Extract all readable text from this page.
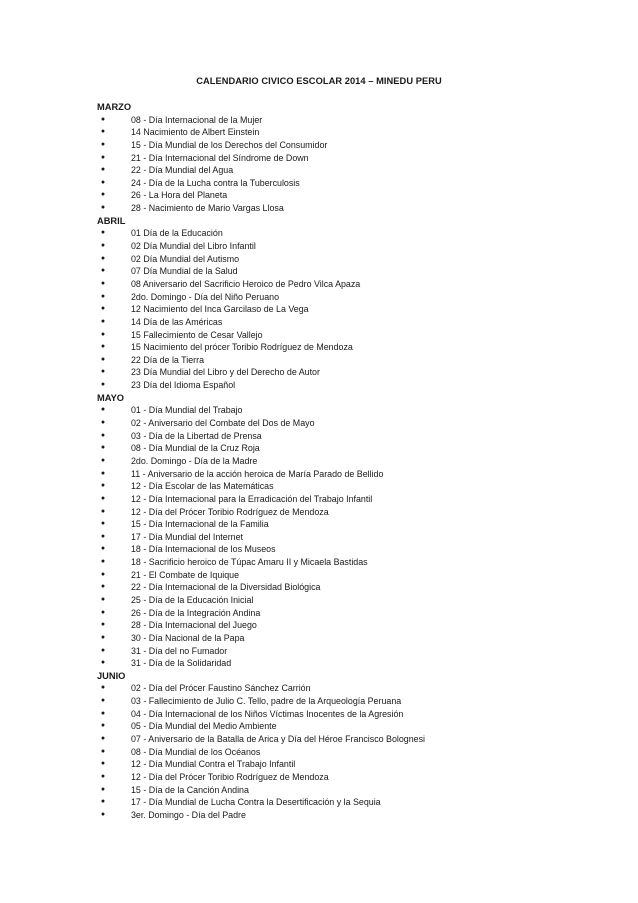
CALENDARIO CIVICO ESCOLAR 2014 – MINEDU PERU
MARZO
●	08 - Día Internacional de la Mujer
●	14 Nacimiento de Albert Einstein
●	15 - Día Mundial de los Derechos del Consumidor
●	21 - Día Internacional del Síndrome de Down
●	22 - Día Mundial del Agua
●	24 - Día de la Lucha contra la Tuberculosis
●	26 - La Hora del Planeta
●	28 - Nacimiento de Mario Vargas Llosa
ABRIL
●	01 Día de la Educación
●	02 Día Mundial del Libro Infantil
●	02 Día Mundial del Autismo
●	07 Día Mundial de la Salud
●	08 Aniversario del Sacrificio Heroico de Pedro Vilca Apaza
●	2do. Domingo - Día del Niño Peruano
●	12 Nacimiento del Inca Garcilaso de La Vega
●	14 Día de las Américas
●	15 Fallecimiento de Cesar Vallejo
●	15 Nacimiento del prócer Toribio Rodríguez de Mendoza
●	22 Día de la Tierra
●	23 Día Mundial del Libro y del Derecho de Autor
●	23 Día del Idioma Español
MAYO
●	01 - Día Mundial del Trabajo
●	02 - Aniversario del Combate del Dos de Mayo
●	03 - Día de la Libertad de Prensa
●	08 - Día Mundial de la Cruz Roja
●	2do. Domingo - Día de la Madre
●	11 - Aniversario de la acción heroica de María Parado de Bellido
●	12 - Día Escolar de las Matemáticas
●	12 - Día Internacional para la Erradicación del Trabajo Infantil
●	12 - Día del Prócer Toribio Rodríguez de Mendoza
●	15 - Día Internacional de la Familia
●	17 - Día Mundial del Internet
●	18 - Día Internacional de los Museos
●	18 - Sacrificio heroico de Túpac Amaru II y Micaela Bastidas
●	21 - El Combate de Iquique
●	22 - Día Internacional de la Diversidad Biológica
●	25 - Día de la Educación Inicial
●	26 - Día de la Integración Andina
●	28 - Día Internacional del Juego
●	30 - Día Nacional de la Papa
●	31 - Día del no Fumador
●	31 - Día de la Solidaridad
JUNIO
●	02 - Día del Prócer Faustino Sánchez Carrión
●	03 - Fallecimiento de Julio C. Tello, padre de la Arqueología Peruana
●	04 - Día Internacional de los Niños Víctimas Inocentes de la Agresión
●	05 - Día Mundial del Medio Ambiente
●	07 - Aniversario de la Batalla de Arica y Día del Héroe Francisco Bolognesi
●	08 - Día Mundial de los Océanos
●	12 - Día Mundial Contra el Trabajo Infantil
●	12 - Día del Prócer Toribio Rodríguez de Mendoza
●	15 - Día de la Canción Andina
●	17 - Día Mundial de Lucha Contra la Desertificación y la Sequia
●	3er. Domingo - Día del Padre
